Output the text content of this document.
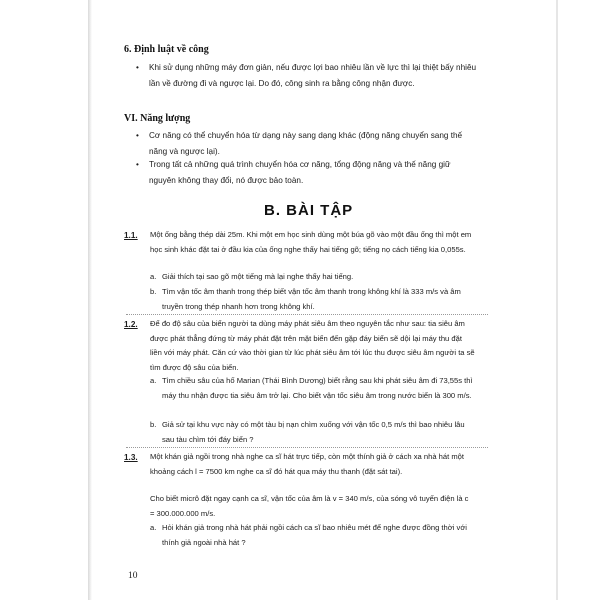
6. Định luật về công
•	Khi sử dụng những máy đơn giản, nếu được lợi bao nhiêu lần về lực thì lại thiệt bấy nhiêu lần về đường đi và ngược lại. Do đó, công sinh ra bằng công nhận được.
VI. Năng lượng
•	Cơ năng có thể chuyển hóa từ dạng này sang dạng khác (động năng chuyển sang thế năng và ngược lại).
•	Trong tất cả những quá trình chuyển hóa cơ năng, tổng động năng và thế năng giữ nguyên không thay đổi, nó được bảo toàn.
B. BÀI TẬP
1.1. Một ống bằng thép dài 25m. Khi một em học sinh dùng một búa gõ vào một đầu ống thì một em học sinh khác đặt tai ở đầu kia của ống nghe thấy hai tiếng gõ; tiếng nọ cách tiếng kia 0,055s.
a. Giải thích tại sao gõ một tiếng mà lại nghe thấy hai tiếng.
b. Tìm vận tốc âm thanh trong thép biết vận tốc âm thanh trong không khí là 333 m/s và âm truyền trong thép nhanh hơn trong không khí.
1.2. Để đo độ sâu của biển người ta dùng máy phát siêu âm theo nguyên tắc như sau: tia siêu âm được phát thẳng đứng từ máy phát đặt trên mặt biển đến gặp đáy biển sẽ dội lại máy thu đặt liền với máy phát. Căn cứ vào thời gian từ lúc phát siêu âm tới lúc thu được siêu âm người ta sẽ tìm được độ sâu của biển.
a. Tìm chiều sâu của hố Marian (Thái Bình Dương) biết rằng sau khi phát siêu âm đi 73,55s thì máy thu nhận được tia siêu âm trở lại. Cho biết vận tốc siêu âm trong nước biển là 300 m/s.
b. Giả sử tại khu vực này có một tàu bị nạn chìm xuống với vận tốc 0,5 m/s thì bao nhiêu lâu sau tàu chìm tới đáy biển ?
1.3. Một khán giả ngồi trong nhà nghe ca sĩ hát trực tiếp, còn một thính giả ở cách xa nhà hát một khoảng cách l = 7500 km nghe ca sĩ đó hát qua máy thu thanh (đặt sát tai).
Cho biết micrô đặt ngay cạnh ca sĩ, vận tốc của âm là v = 340 m/s, của sóng vô tuyến điện là c = 300.000.000 m/s.
a. Hỏi khán giả trong nhà hát phải ngồi cách ca sĩ bao nhiêu mét để nghe được đồng thời với thính giả ngoài nhà hát ?
10
